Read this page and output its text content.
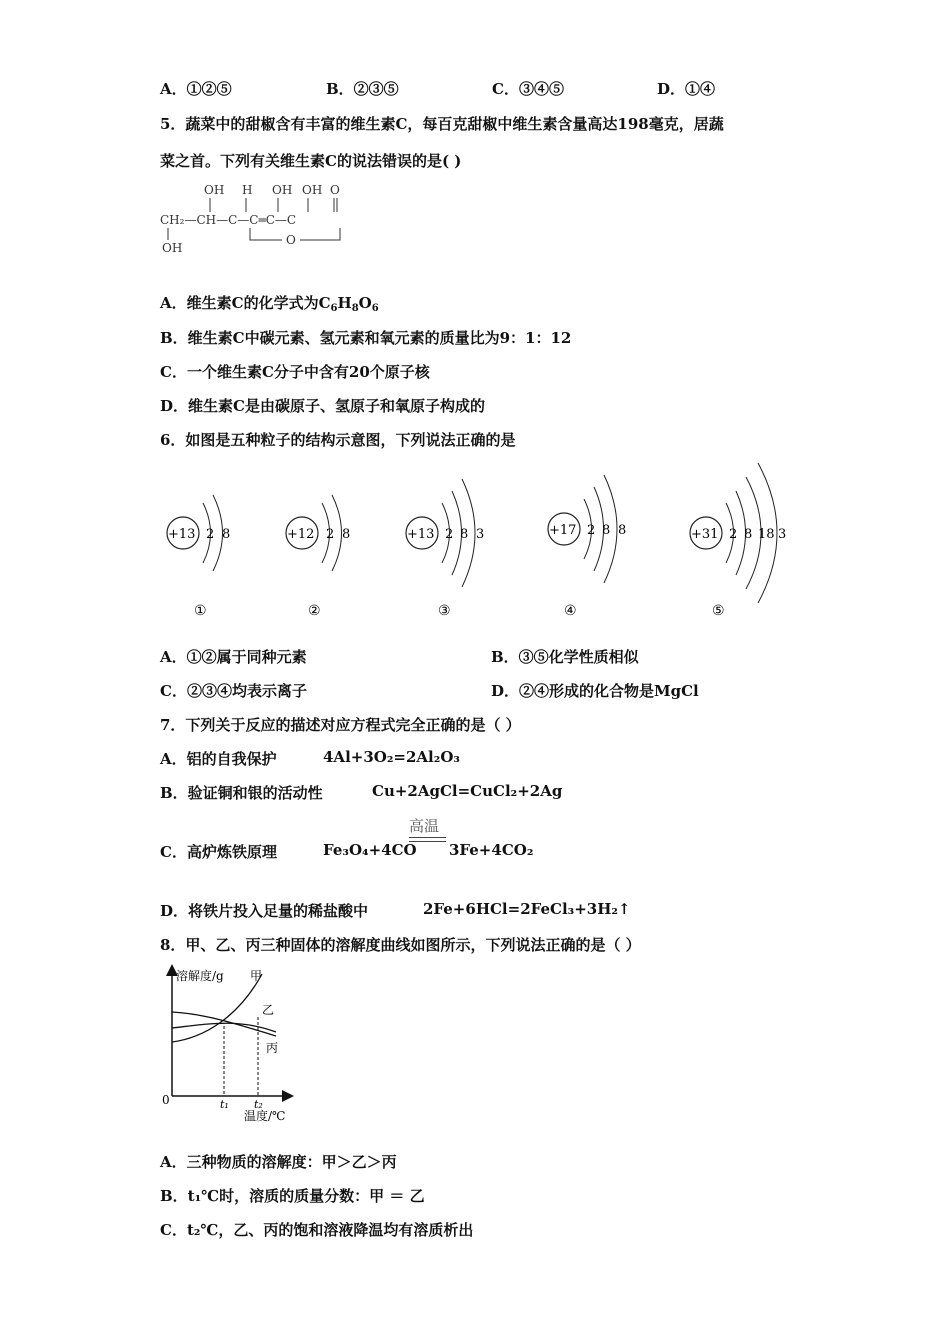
A．①②⑤	B．②③⑤	C．③④⑤	D．①④
5．蔬菜中的甜椒含有丰富的维生素C，每百克甜椒中维生素含量高达198毫克，居蔬
菜之首。下列有关维生素C的说法错误的是( )
OH H OH OH O
CH₂—CH—C—C═C—C
O
OH
A．维生素C的化学式为$C_6H_8O_6$
B．维生素C中碳元素、氢元素和氧元素的质量比为9：1：12
C．一个维生素C分子中含有20个原子核
D．维生素C是由碳原子、氢原子和氧原子构成的
6．如图是五种粒子的结构示意图，下列说法正确的是
+13 2 8
①
+12 2 8
②
+13 2 8 3
③
+17 2 8 8
④
+31 2 8 18 3
⑤
A．①②属于同种元素	B．③⑤化学性质相似
C．②③④均表示离子	D．②④形成的化合物是MgCl
7．下列关于反应的描述对应方程式完全正确的是（ ）
A．铝的自我保护	4Al+3O₂=2Al₂O₃
B．验证铜和银的活动性	Cu+2AgCl=CuCl₂+2Ag
C．高炉炼铁原理	Fe₃O₄+4CO
高温
3Fe+4CO₂
D．将铁片投入足量的稀盐酸中	2Fe+6HCl=2FeCl₃+3H₂↑
8．甲、乙、丙三种固体的溶解度曲线如图所示，下列说法正确的是（ ）
溶解度/g
温度/℃
0	t₁ t₂
甲
乙
丙
A．三种物质的溶解度：甲＞乙＞丙
B．t₁℃时，溶质的质量分数：甲 ＝ 乙
C．t₂℃，乙、丙的饱和溶液降温均有溶质析出
